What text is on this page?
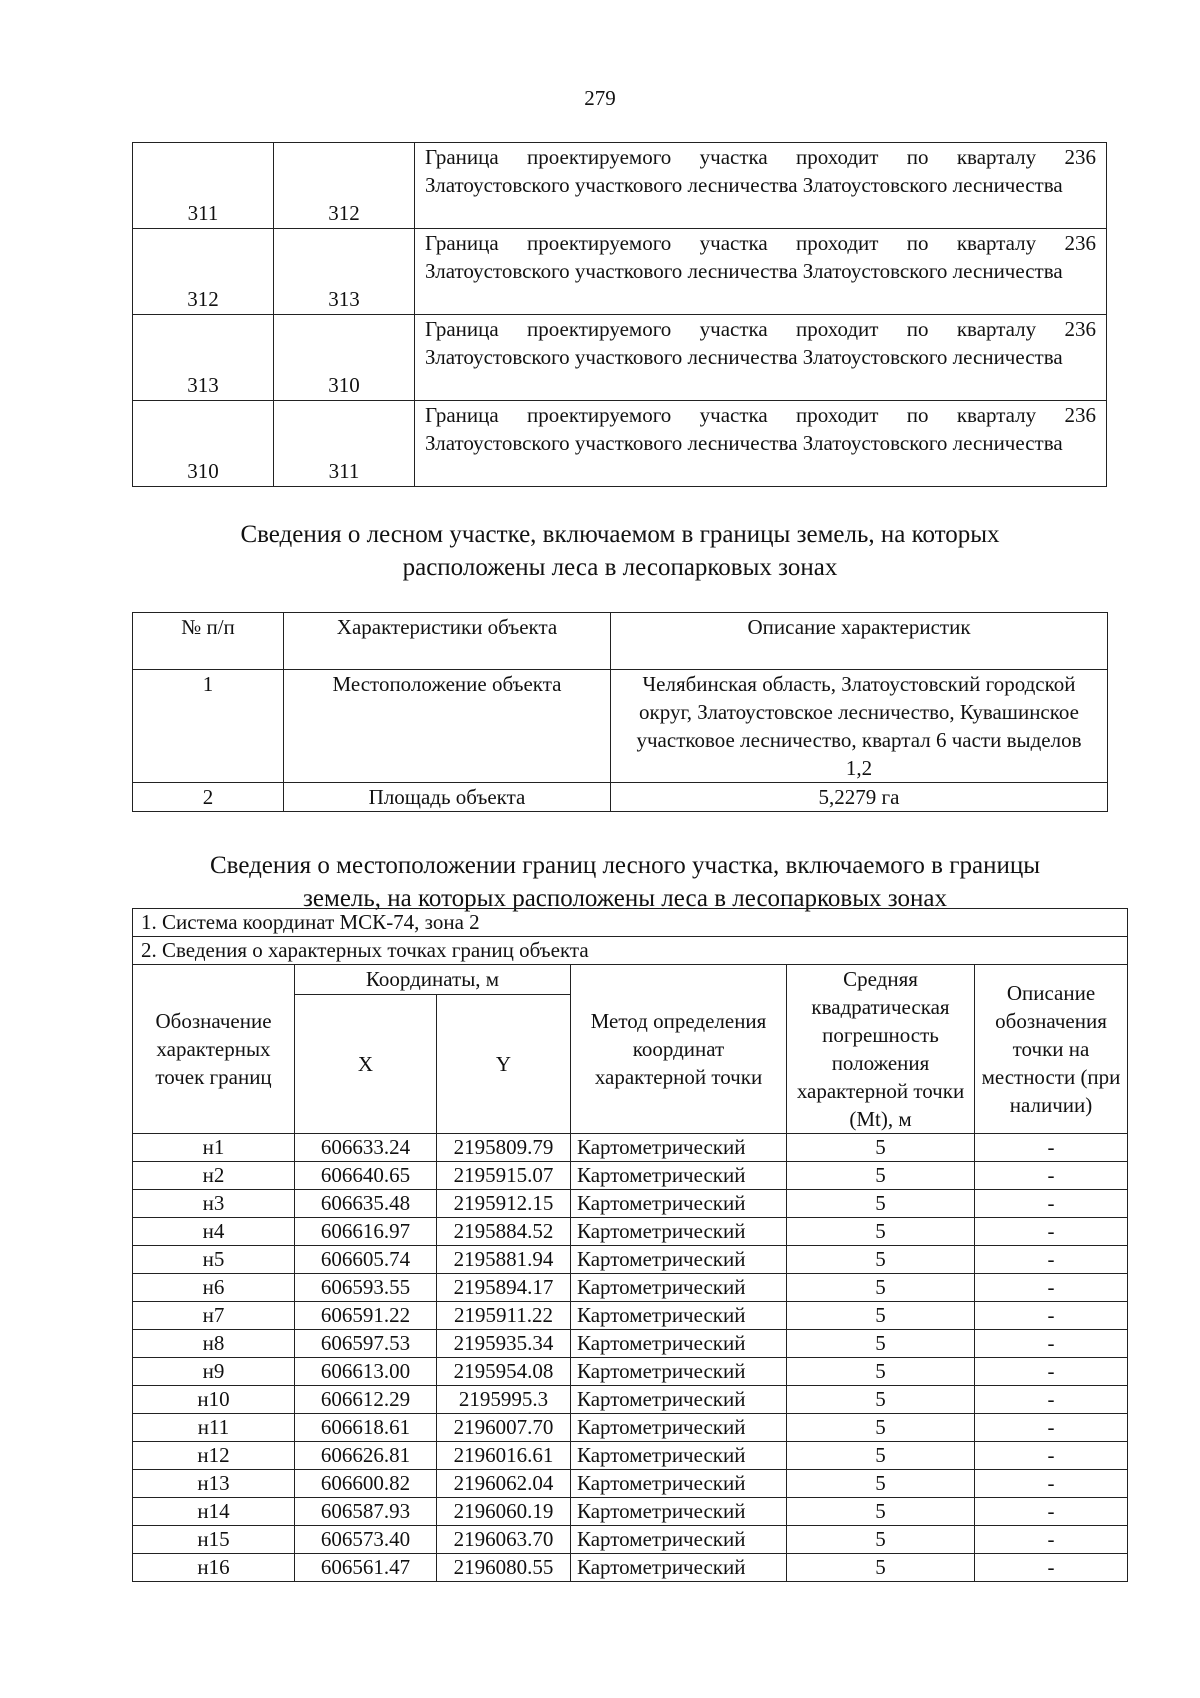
279
311	312	Граница проектируемого участка проходит по кварталу 236 Златоустовского участкового лесничества Златоустовского лесничества
312	313	Граница проектируемого участка проходит по кварталу 236 Златоустовского участкового лесничества Златоустовского лесничества
313	310	Граница проектируемого участка проходит по кварталу 236 Златоустовского участкового лесничества Златоустовского лесничества
310	311	Граница проектируемого участка проходит по кварталу 236 Златоустовского участкового лесничества Златоустовского лесничества
Сведения о лесном участке, включаемом в границы земель, на которых
расположены леса в лесопарковых зонах
№ п/п	Характеристики объекта	Описание характеристик
1	Местоположение объекта	Челябинская область, Златоустовский городской округ, Златоустовское лесничество, Кувашинское участковое лесничество, квартал 6 части выделов 1,2
2	Площадь объекта	5,2279 га
Сведения о местоположении границ лесного участка, включаемого в границы
земель, на которых расположены леса в лесопарковых зонах
1. Система координат МСК-74, зона 2					
2. Сведения о характерных точках границ объекта					
Обозначение характерных точек границ	Координаты, м		Метод определения координат характерной точки	Средняя квадратическая погрешность положения характерной точки (Mt), м	Описание обозначения точки на местности (при наличии)
	X	Y			
н1	606633.24	2195809.79	Картометрический	5	-
н2	606640.65	2195915.07	Картометрический	5	-
н3	606635.48	2195912.15	Картометрический	5	-
н4	606616.97	2195884.52	Картометрический	5	-
н5	606605.74	2195881.94	Картометрический	5	-
н6	606593.55	2195894.17	Картометрический	5	-
н7	606591.22	2195911.22	Картометрический	5	-
н8	606597.53	2195935.34	Картометрический	5	-
н9	606613.00	2195954.08	Картометрический	5	-
н10	606612.29	2195995.3	Картометрический	5	-
н11	606618.61	2196007.70	Картометрический	5	-
н12	606626.81	2196016.61	Картометрический	5	-
н13	606600.82	2196062.04	Картометрический	5	-
н14	606587.93	2196060.19	Картометрический	5	-
н15	606573.40	2196063.70	Картометрический	5	-
н16	606561.47	2196080.55	Картометрический	5	-
